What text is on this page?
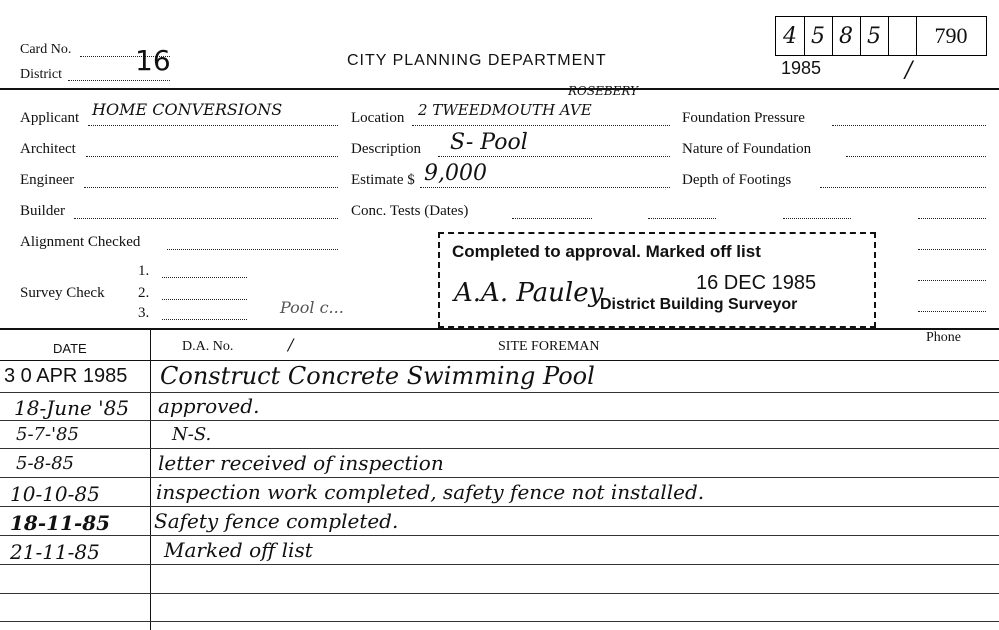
Card No. 16
District
CITY PLANNING DEPARTMENT
4 5 8 5 790
1985	/
Applicant HOME CONVERSIONS
Architect
Engineer
Builder
Alignment Checked
Survey Check
1.
2.
3.	Pool c...
Location 2 TWEEDMOUTH AVE
ROSEBERY
Description S- Pool
Estimate $ 9,000
Conc. Tests (Dates)
Foundation Pressure
Nature of Foundation
Depth of Footings
Completed to approval. Marked off list
16 DEC 1985
A.A. Pauley
District Building Surveyor
DATE	D.A. No.	/	SITE FOREMAN
Phone
3 0 APR 1985 Construct Concrete Swimming Pool
18-June '85 approved.
5-7-'85	N-S.
5-8-85	letter received of inspection
10-10-85	inspection work completed, safety fence not installed.
18-11-85 Safety fence completed.
21-11-85	Marked off list
